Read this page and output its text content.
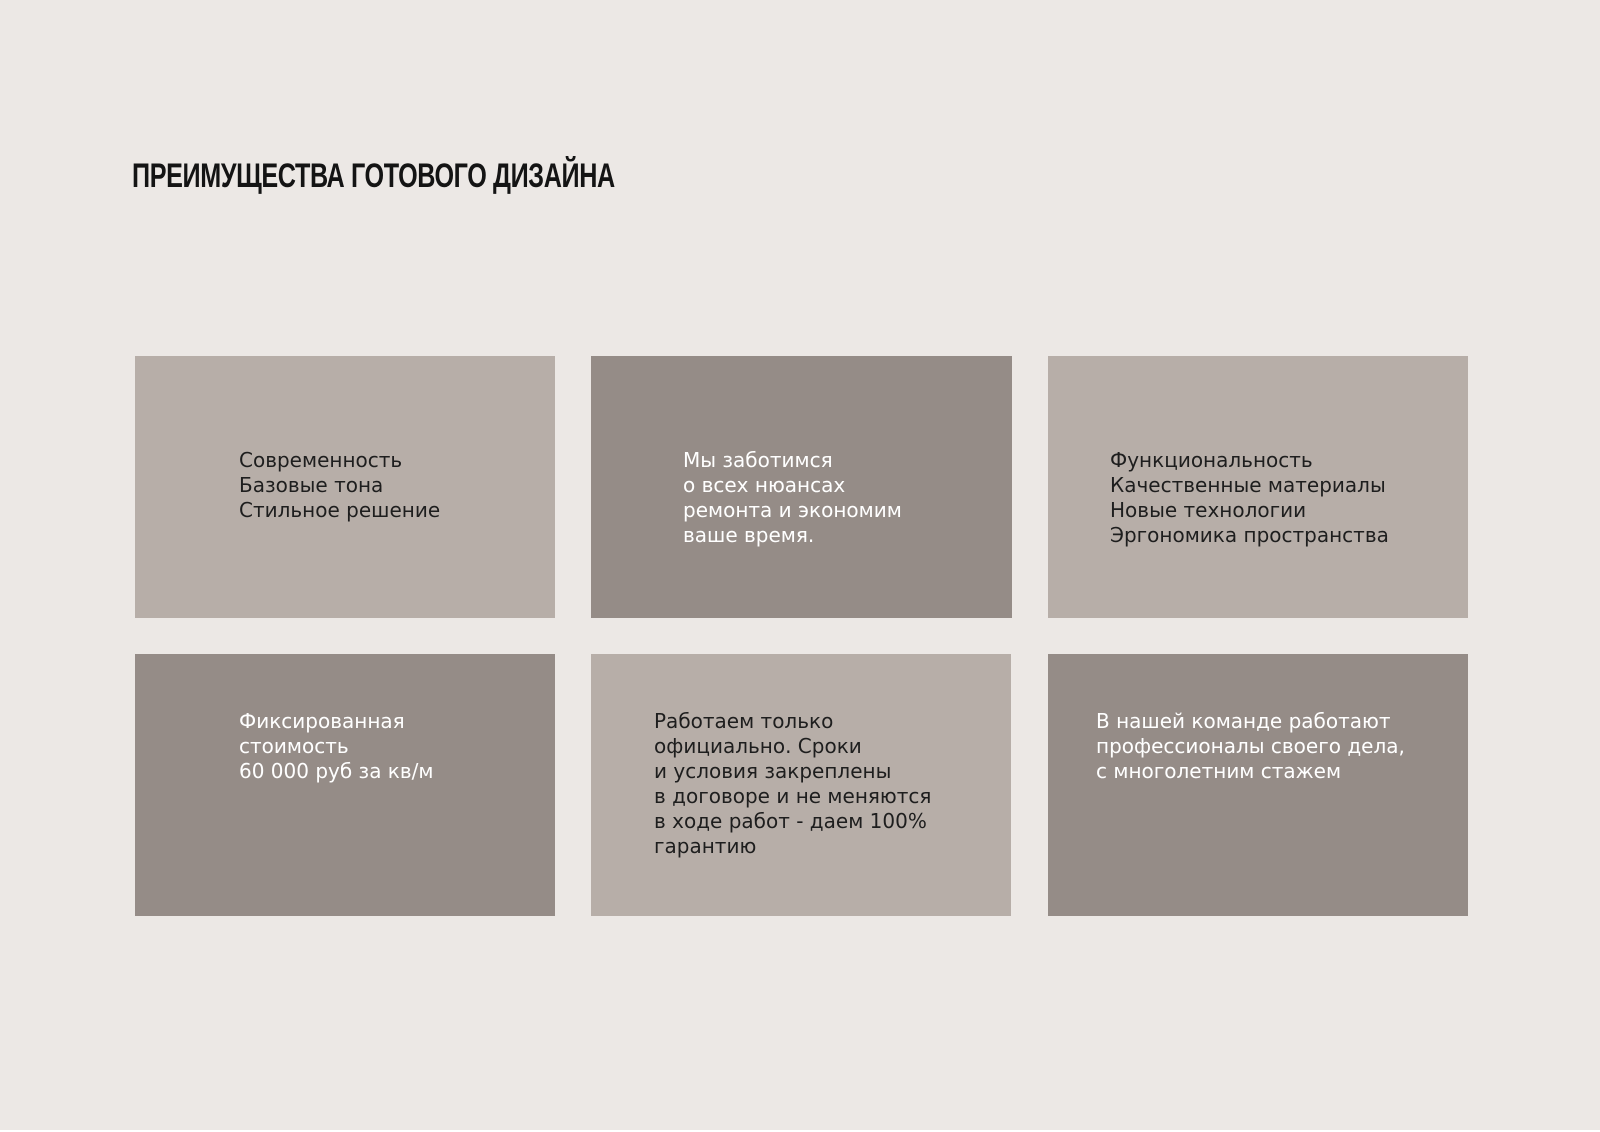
ПРЕИМУЩЕСТВА ГОТОВОГО ДИЗАЙНА

Современность
Базовые тона
Стильное решение

Мы заботимся
о всех нюансах
ремонта и экономим
ваше время.

Функциональность
Качественные материалы
Новые технологии
Эргономика пространства

Фиксированная
стоимость
60 000 руб за кв/м

Работаем только
официально. Сроки
и условия закреплены
в договоре и не меняются
в ходе работ - даем 100%
гарантию

В нашей команде работают
профессионалы своего дела,
с многолетним стажем
